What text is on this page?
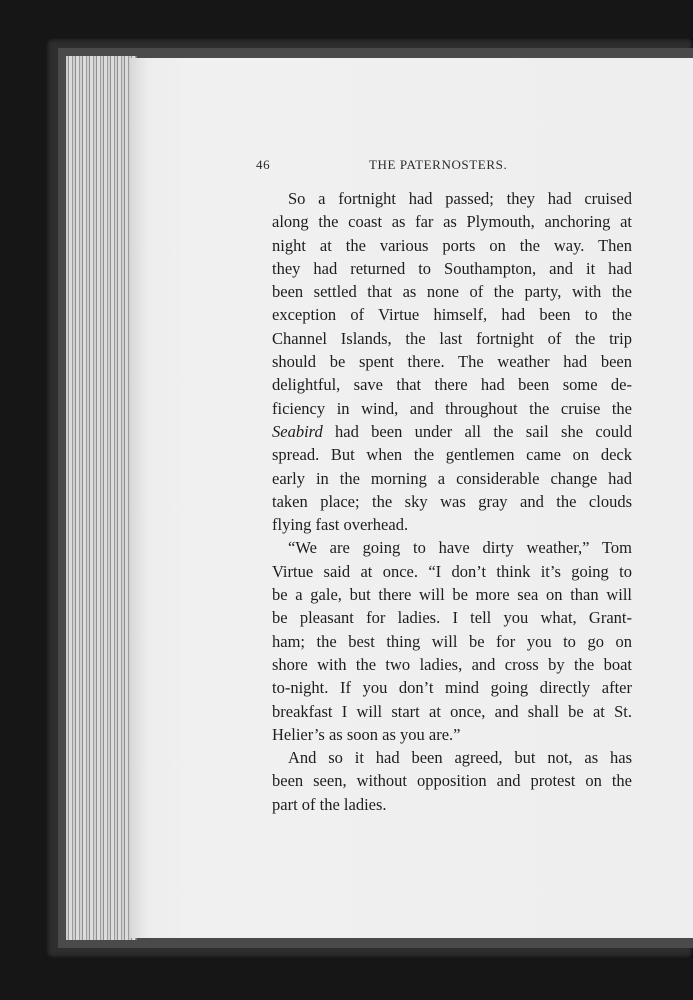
46	THE PATERNOSTERS.

So a fortnight had passed; they had cruised
along the coast as far as Plymouth, anchoring at
night at the various ports on the way. Then
they had returned to Southampton, and it had
been settled that as none of the party, with the
exception of Virtue himself, had been to the
Channel Islands, the last fortnight of the trip
should be spent there. The weather had been
delightful, save that there had been some de-
ficiency in wind, and throughout the cruise the
Seabird had been under all the sail she could
spread. But when the gentlemen came on deck
early in the morning a considerable change had
taken place; the sky was gray and the clouds
flying fast overhead.

“We are going to have dirty weather,” Tom
Virtue said at once. “I don’t think it’s going to
be a gale, but there will be more sea on than will
be pleasant for ladies. I tell you what, Grant-
ham; the best thing will be for you to go on
shore with the two ladies, and cross by the boat
to-night. If you don’t mind going directly after
breakfast I will start at once, and shall be at St.
Helier’s as soon as you are.”

And so it had been agreed, but not, as has
been seen, without opposition and protest on the
part of the ladies.
